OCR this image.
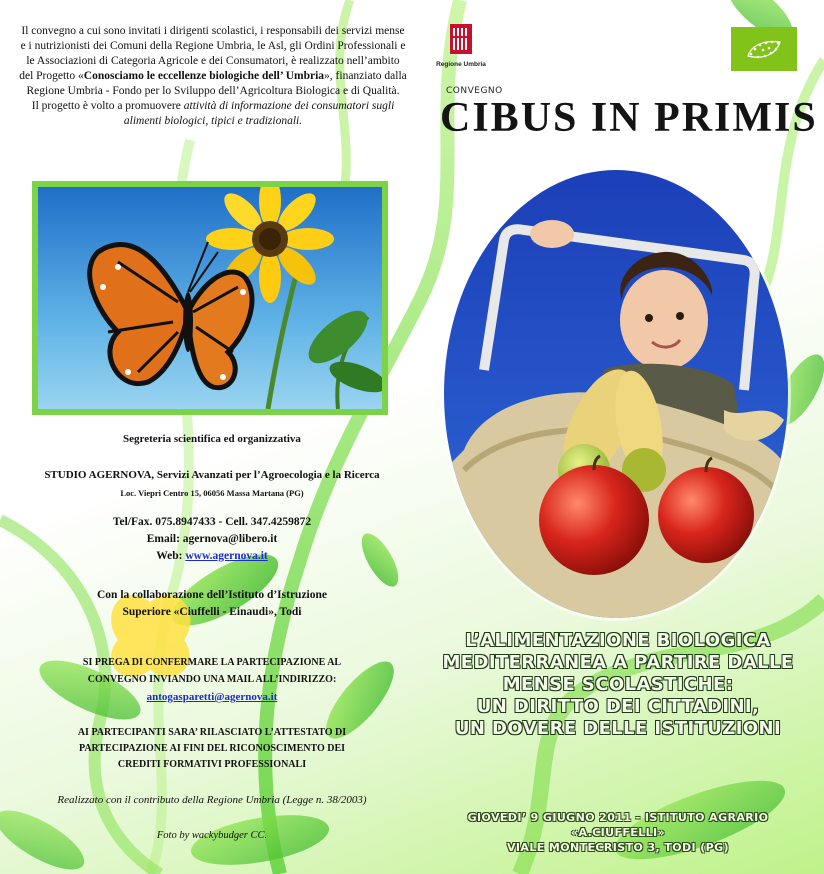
Il convegno a cui sono invitati i dirigenti scolastici, i responsabili dei servizi mense e i nutrizionisti dei Comuni della Regione Umbria, le Asl, gli Ordini Professionali e le Associazioni di Categoria Agricole e dei Consumatori, è realizzato nell’ambito del Progetto «Conosciamo le eccellenze biologiche dell’ Umbria», finanziato dalla Regione Umbria - Fondo per lo Sviluppo dell’Agricoltura Biologica e di Qualità.
Il progetto è volto a promuovere attività di informazione dei consumatori sugli alimenti biologici, tipici e tradizionali.
Segreteria scientifica ed organizzativa
STUDIO AGERNOVA, Servizi Avanzati per l’Agroecologia e la Ricerca
Loc. Viepri Centro 15, 06056 Massa Martana (PG)
Tel/Fax. 075.8947433 - Cell. 347.4259872
Email: agernova@libero.it
Web: www.agernova.it
Con la collaborazione dell’Istituto d’Istruzione
Superiore «Ciuffelli - Einaudi», Todi
SI PREGA DI CONFERMARE LA PARTECIPAZIONE AL
CONVEGNO INVIANDO UNA MAIL ALL’INDIRIZZO:
antogasparetti@agernova.it
AI PARTECIPANTI SARA’ RILASCIATO L’ATTESTATO DI
PARTECIPAZIONE AI FINI DEL RICONOSCIMENTO DEI
CREDITI FORMATIVI PROFESSIONALI
Realizzato con il contributo della Regione Umbria (Legge n. 38/2003)
Foto by wackybudger CC.
Regione Umbria
CONVEGNO
CIBUS IN PRIMIS
L’ALIMENTAZIONE BIOLOGICA
MEDITERRANEA A PARTIRE DALLE
MENSE SCOLASTICHE:
UN DIRITTO DEI CITTADINI,
UN DOVERE DELLE ISTITUZIONI
GIOVEDI’ 9 GIUGNO 2011 - ISTITUTO AGRARIO «A.CIUFFELLI»
VIALE MONTECRISTO 3, TODI (PG)
